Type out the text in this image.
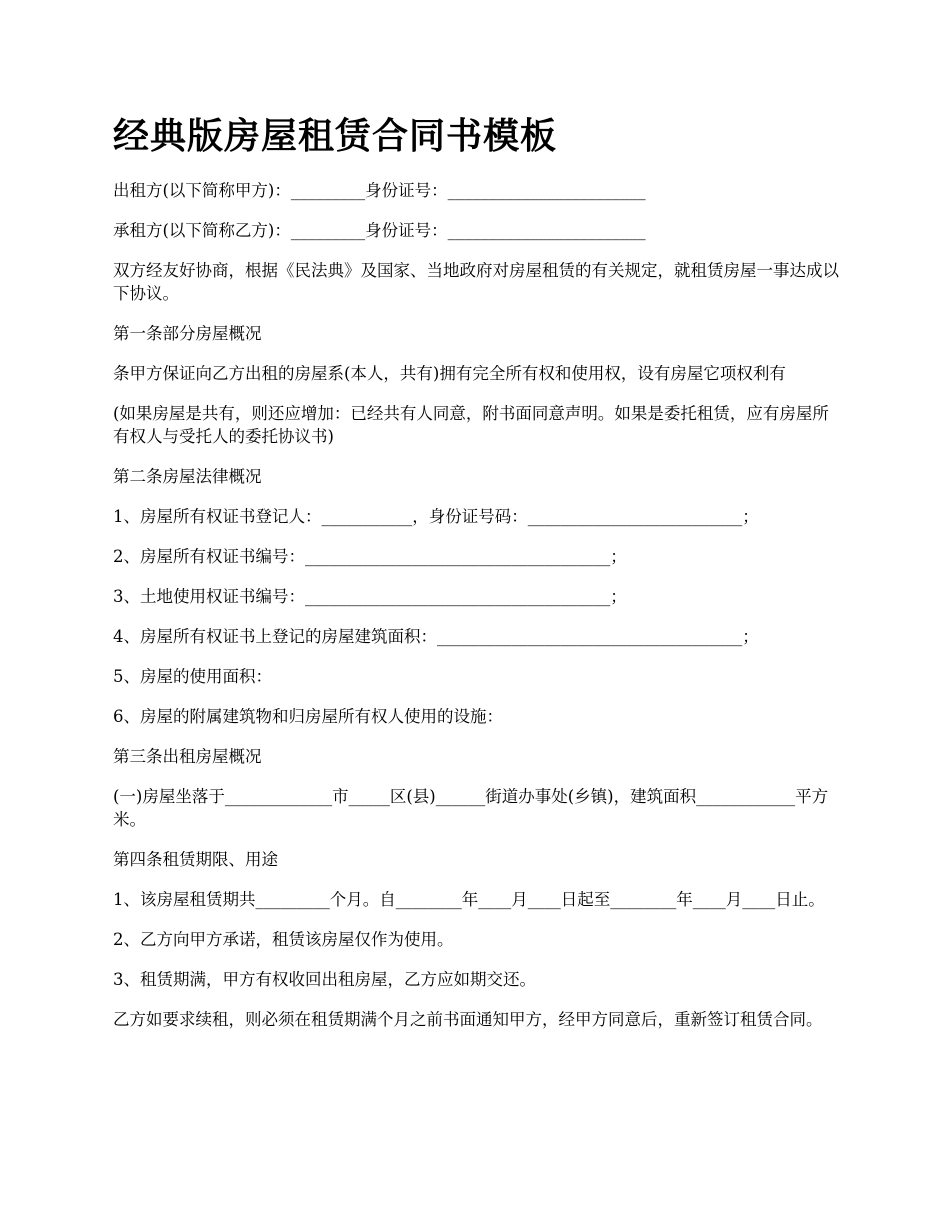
经典版房屋租赁合同书模板

出租方(以下简称甲方)：_________身份证号：________________________

承租方(以下简称乙方)：_________身份证号：________________________

双方经友好协商，根据《民法典》及国家、当地政府对房屋租赁的有关规定，就租赁房屋一事达成以下协议。

第一条部分房屋概况

条甲方保证向乙方出租的房屋系(本人，共有)拥有完全所有权和使用权，设有房屋它项权利有

(如果房屋是共有，则还应增加：已经共有人同意，附书面同意声明。如果是委托租赁，应有房屋所有权人与受托人的委托协议书)

第二条房屋法律概况

1、房屋所有权证书登记人：___________，身份证号码：__________________________；

2、房屋所有权证书编号：_____________________________________；

3、土地使用权证书编号：_____________________________________；

4、房屋所有权证书上登记的房屋建筑面积：_____________________________________；

5、房屋的使用面积：

6、房屋的附属建筑物和归房屋所有权人使用的设施：

第三条出租房屋概况

(一)房屋坐落于_____________市_____区(县)______街道办事处(乡镇)，建筑面积____________平方米。

第四条租赁期限、用途

1、该房屋租赁期共_________个月。自________年____月____日起至________年____月____日止。

2、乙方向甲方承诺，租赁该房屋仅作为使用。

3、租赁期满，甲方有权收回出租房屋，乙方应如期交还。

乙方如要求续租，则必须在租赁期满个月之前书面通知甲方，经甲方同意后，重新签订租赁合同。
